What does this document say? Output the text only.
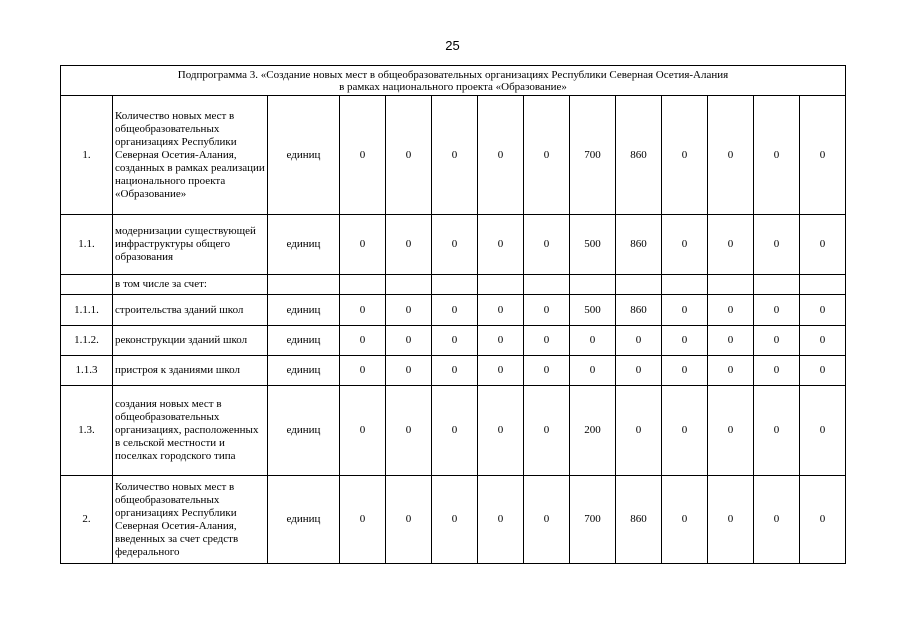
25
Подпрограмма 3. «Создание новых мест в общеобразовательных организациях Республики Северная Осетия-Алания
в рамках национального проекта «Образование»													

1.	Количество новых мест в общеобразовательных организациях Республики Северная Осетия-Алания, созданных в рамках реализации национального проекта «Образование»	единиц	0	0	0	0	0	700	860	0	0	0	0
1.1.	модернизации существующей инфраструктуры общего образования	единиц	0	0	0	0	0	500	860	0	0	0	0
	в том числе за счет:												
1.1.1.	строительства зданий школ	единиц	0	0	0	0	0	500	860	0	0	0	0
1.1.2.	реконструкции зданий школ	единиц	0	0	0	0	0	0	0	0	0	0	0
1.1.3	пристроя к зданиями школ	единиц	0	0	0	0	0	0	0	0	0	0	0
1.3.	создания новых мест в общеобразовательных организациях, расположенных в сельской местности и поселках городского типа	единиц	0	0	0	0	0	200	0	0	0	0	0
2.	Количество новых мест в общеобразовательных организациях Республики Северная Осетия-Алания, введенных за счет средств федерального	единиц	0	0	0	0	0	700	860	0	0	0	0
